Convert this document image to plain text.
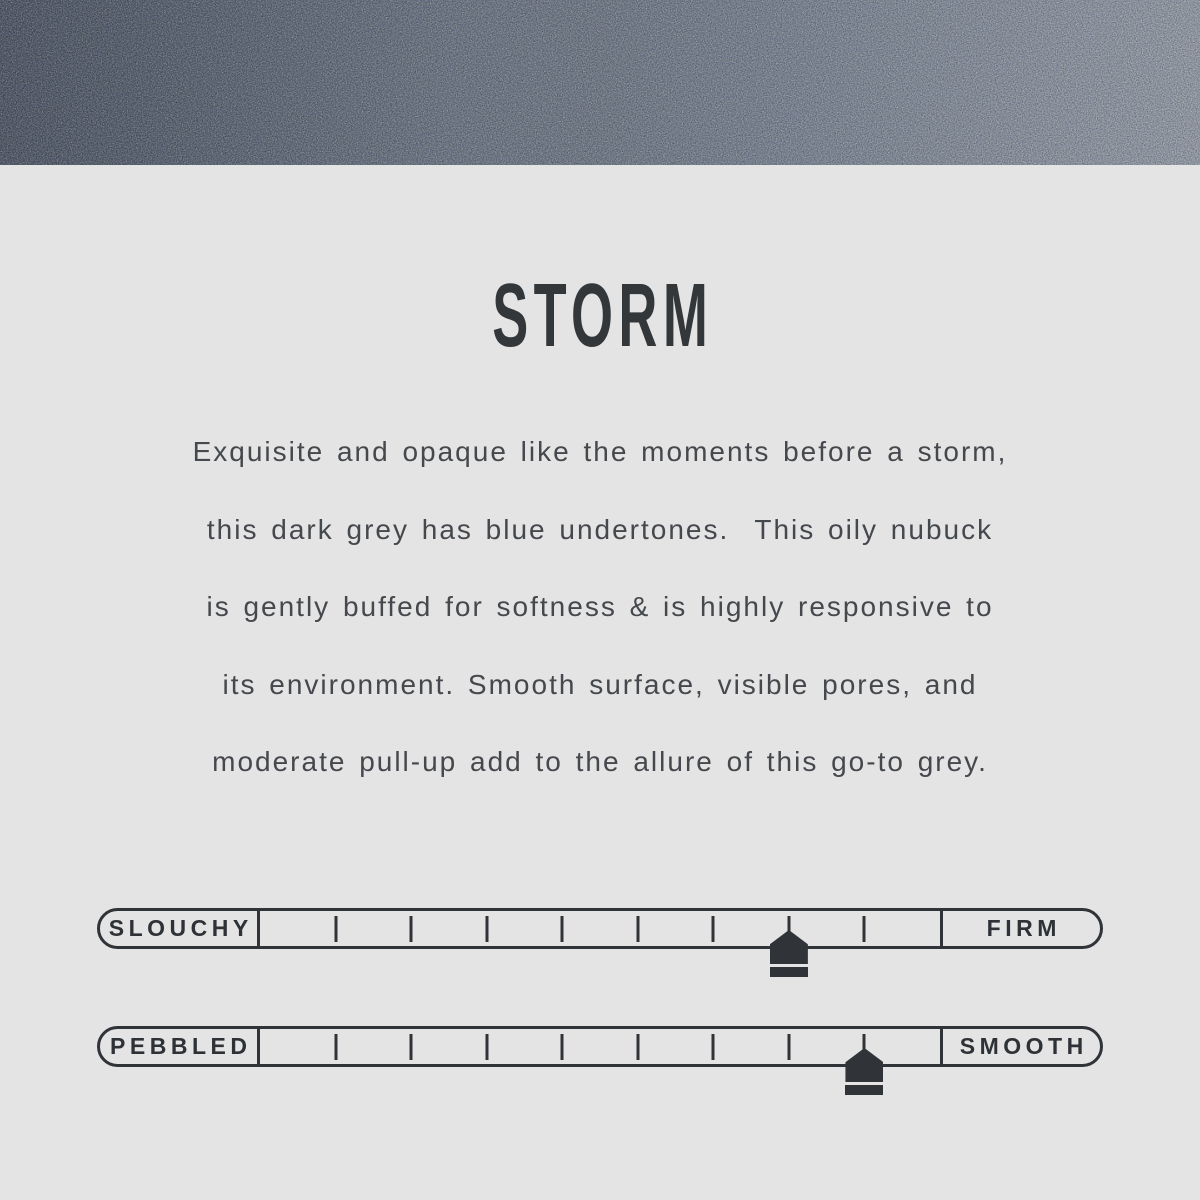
STORM
Exquisite and opaque like the moments before a storm,
this dark grey has blue undertones.  This oily nubuck
is gently buffed for softness & is highly responsive to
its environment. Smooth surface, visible pores, and
moderate pull-up add to the allure of this go-to grey.
SLOUCHY	FIRM
PEBBLED	SMOOTH
